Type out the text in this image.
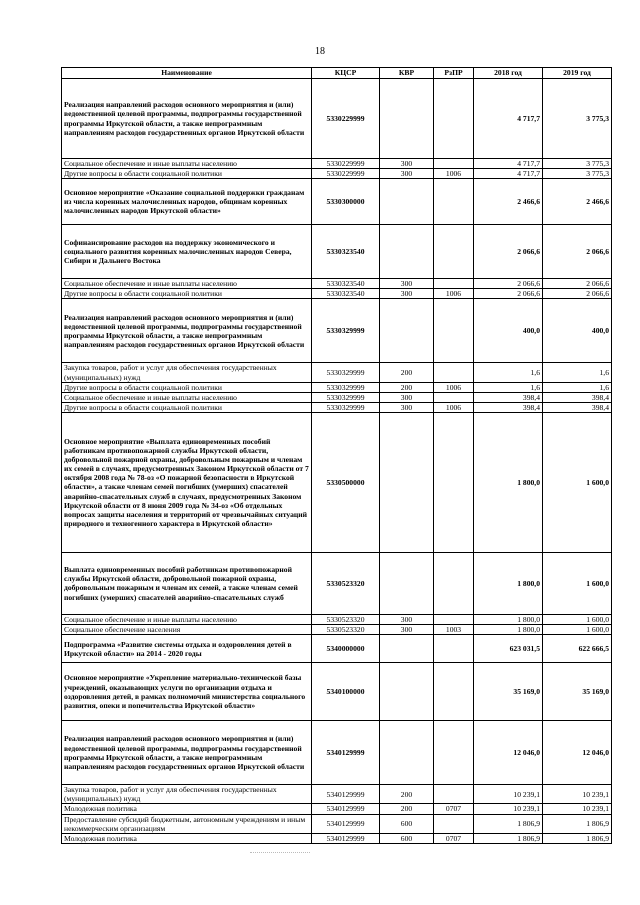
18
Наименование	КЦСР	КВР	РзПР	2018 год	2019 год
Реализация направлений расходов основного мероприятия и (или) ведомственной целевой программы, подпрограммы государственной программы Иркутской области, а также непрограммным направлениям расходов государственных органов Иркутской области	5330229999			4 717,7	3 775,3
Социальное обеспечение и иные выплаты населению	5330229999	300		4 717,7	3 775,3
Другие вопросы в области социальной политики	5330229999	300	1006	4 717,7	3 775,3
Основное мероприятие «Оказание социальной поддержки гражданам из числа коренных малочисленных народов, общинам коренных малочисленных народов Иркутской области»	5330300000			2 466,6	2 466,6
Софинансирование расходов на поддержку экономического и социального развития коренных малочисленных народов Севера, Сибири и Дальнего Востока	5330323540			2 066,6	2 066,6
Социальное обеспечение и иные выплаты населению	5330323540	300		2 066,6	2 066,6
Другие вопросы в области социальной политики	5330323540	300	1006	2 066,6	2 066,6
Реализация направлений расходов основного мероприятия и (или) ведомственной целевой программы, подпрограммы государственной программы Иркутской области, а также непрограммным направлениям расходов государственных органов Иркутской области	5330329999			400,0	400,0
Закупка товаров, работ и услуг для обеспечения государственных (муниципальных) нужд	5330329999	200		1,6	1,6
Другие вопросы в области социальной политики	5330329999	200	1006	1,6	1,6
Социальное обеспечение и иные выплаты населению	5330329999	300		398,4	398,4
Другие вопросы в области социальной политики	5330329999	300	1006	398,4	398,4
Основное мероприятие «Выплата единовременных пособий работникам противопожарной службы Иркутской области, добровольной пожарной охраны, добровольным пожарным и членам их семей в случаях, предусмотренных Законом Иркутской области от 7 октября 2008 года № 78-оз «О пожарной безопасности в Иркутской области», а также членам семей погибших (умерших) спасателей аварийно-спасательных служб в случаях, предусмотренных Законом Иркутской области от 8 июня 2009 года № 34-оз «Об отдельных вопросах защиты населения и территорий от чрезвычайных ситуаций природного и техногенного характера в Иркутской области»	5330500000			1 800,0	1 600,0
Выплата единовременных пособий работникам противопожарной службы Иркутской области, добровольной пожарной охраны, добровольным пожарным и членам их семей, а также членам семей погибших (умерших) спасателей аварийно-спасательных служб	5330523320			1 800,0	1 600,0
Социальное обеспечение и иные выплаты населению	5330523320	300		1 800,0	1 600,0
Социальное обеспечение населения	5330523320	300	1003	1 800,0	1 600,0
Подпрограмма «Развитие системы отдыха и оздоровления детей в Иркутской области» на 2014 - 2020 годы	5340000000			623 031,5	622 666,5
Основное мероприятие «Укрепление материально-технической базы учреждений, оказывающих услуги по организации отдыха и оздоровления детей, в рамках полномочий министерства социального развития, опеки и попечительства Иркутской области»	5340100000			35 169,0	35 169,0
Реализация направлений расходов основного мероприятия и (или) ведомственной целевой программы, подпрограммы государственной программы Иркутской области, а также непрограммным направлениям расходов государственных органов Иркутской области	5340129999			12 046,0	12 046,0
Закупка товаров, работ и услуг для обеспечения государственных (муниципальных) нужд	5340129999	200		10 239,1	10 239,1
Молодежная политика	5340129999	200	0707	10 239,1	10 239,1
Предоставление субсидий бюджетным, автономным учреждениям и иным некоммерческим организациям	5340129999	600		1 806,9	1 806,9
Молодежная политика	5340129999	600	0707	1 806,9	1 806,9
